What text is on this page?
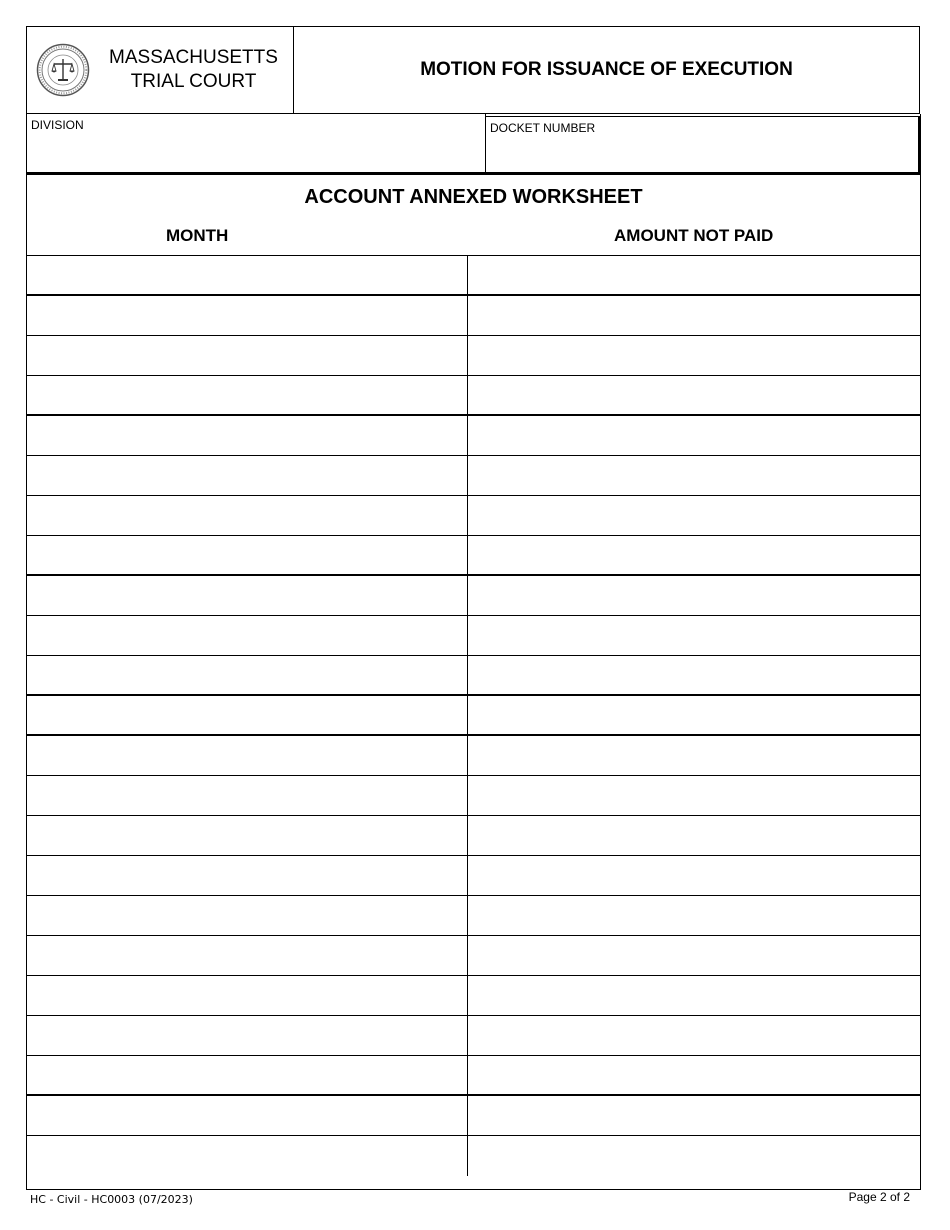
MASSACHUSETTS
TRIAL COURT
MOTION FOR ISSUANCE OF EXECUTION
DIVISION	DOCKET NUMBER
ACCOUNT ANNEXED WORKSHEET
MONTH	AMOUNT NOT PAID
HC - Civil - HC0003 (07/2023)	Page 2 of 2
